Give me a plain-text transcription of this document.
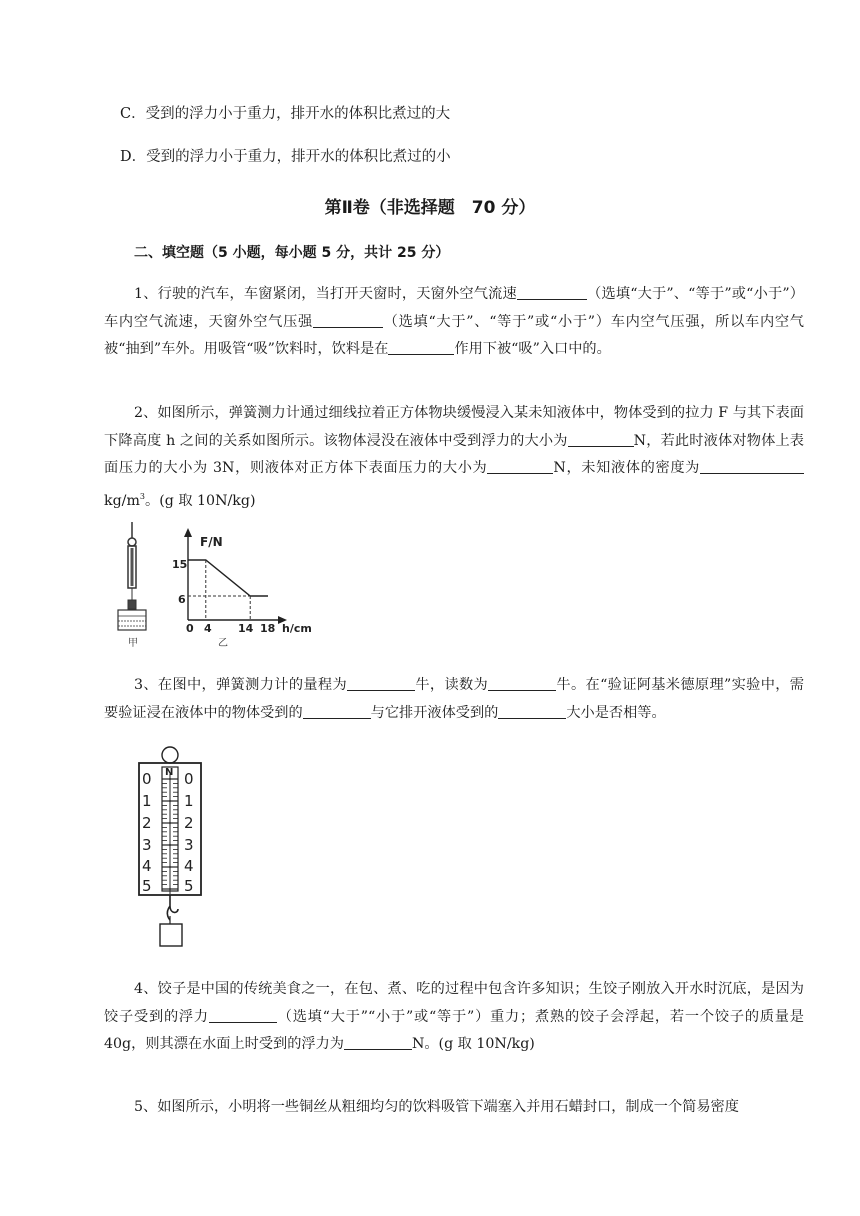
C．受到的浮力小于重力，排开水的体积比煮过的大
D．受到的浮力小于重力，排开水的体积比煮过的小
第Ⅱ卷（非选择题　70 分）
二、填空题（5 小题，每小题 5 分，共计 25 分）
1、行驶的汽车，车窗紧闭，当打开天窗时，天窗外空气流速	（选填“大于”、“等于”或“小于”）车内空气流速，天窗外空气压强	（选填“大于”、“等于”或“小于”）车内空气压强，所以车内空气被“抽到”车外。用吸管“吸”饮料时，饮料是在	作用下被“吸”入口中的。
2、如图所示，弹簧测力计通过细线拉着正方体物块缓慢浸入某未知液体中，物体受到的拉力 F 与其下表面下降高度 h 之间的关系如图所示。该物体浸没在液体中受到浮力的大小为	N，若此时液体对物体上表面压力的大小为 3N，则液体对正方体下表面压力的大小为	N，未知液体的密度为$kg/m^3$。(g 取 10N/kg)
甲
F/N
h/cm
15
6
0 4 14 18
乙
3、在图中，弹簧测力计的量程为	牛，读数为	牛。在“验证阿基米德原理”实验中，需要验证浸在液体中的物体受到的	与它排开液体受到的	大小是否相等。
N
0
1
2
3
4
5
0
1
2
3
4
5
4、饺子是中国的传统美食之一，在包、煮、吃的过程中包含许多知识；生饺子刚放入开水时沉底，是因为饺子受到的浮力	（选填“大于”“小于”或“等于”）重力；煮熟的饺子会浮起，若一个饺子的质量是 40g，则其漂在水面上时受到的浮力为	N。(g 取 10N/kg)
5、如图所示，小明将一些铜丝从粗细均匀的饮料吸管下端塞入并用石蜡封口，制成一个简易密度
